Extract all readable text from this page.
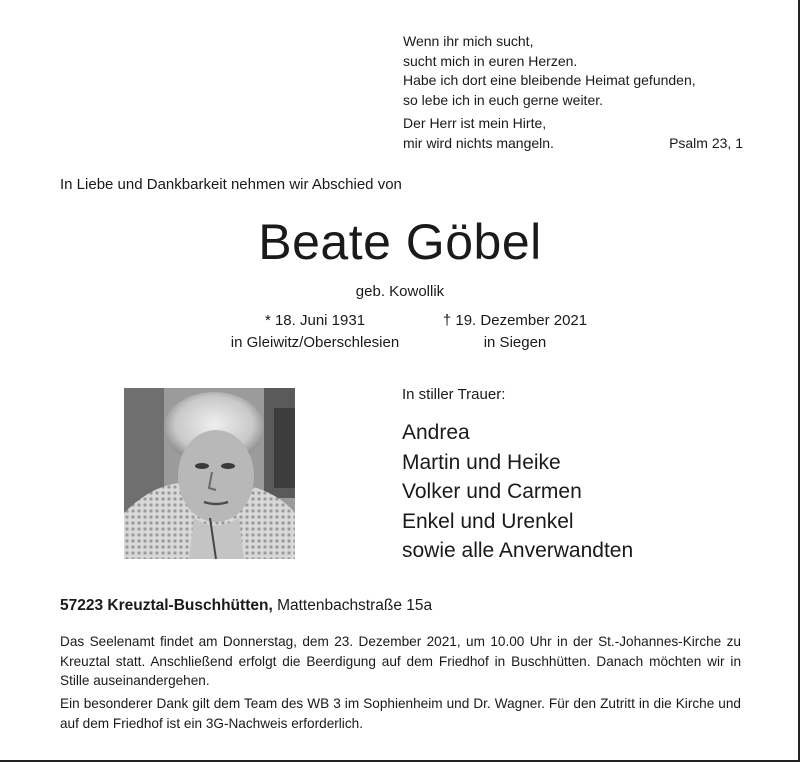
Wenn ihr mich sucht,
sucht mich in euren Herzen.
Habe ich dort eine bleibende Heimat gefunden,
so lebe ich in euch gerne weiter.
Der Herr ist mein Hirte,
mir wird nichts mangeln.	Psalm 23, 1
In Liebe und Dankbarkeit nehmen wir Abschied von
Beate Göbel
geb. Kowollik
* 18. Juni 1931
in Gleiwitz/Oberschlesien
† 19. Dezember 2021
in Siegen
In stiller Trauer:
Andrea
Martin und Heike
Volker und Carmen
Enkel und Urenkel
sowie alle Anverwandten
57223 Kreuztal-Buschhütten, Mattenbachstraße 15a
Das Seelenamt findet am Donnerstag, dem 23. Dezember 2021, um 10.00 Uhr in der St.-Johannes-Kirche zu Kreuztal statt. Anschließend erfolgt die Beerdigung auf dem Friedhof in Buschhütten. Danach möchten wir in Stille auseinandergehen.
Ein besonderer Dank gilt dem Team des WB 3 im Sophienheim und Dr. Wagner. Für den Zutritt in die Kirche und auf dem Friedhof ist ein 3G-Nachweis erforderlich.
